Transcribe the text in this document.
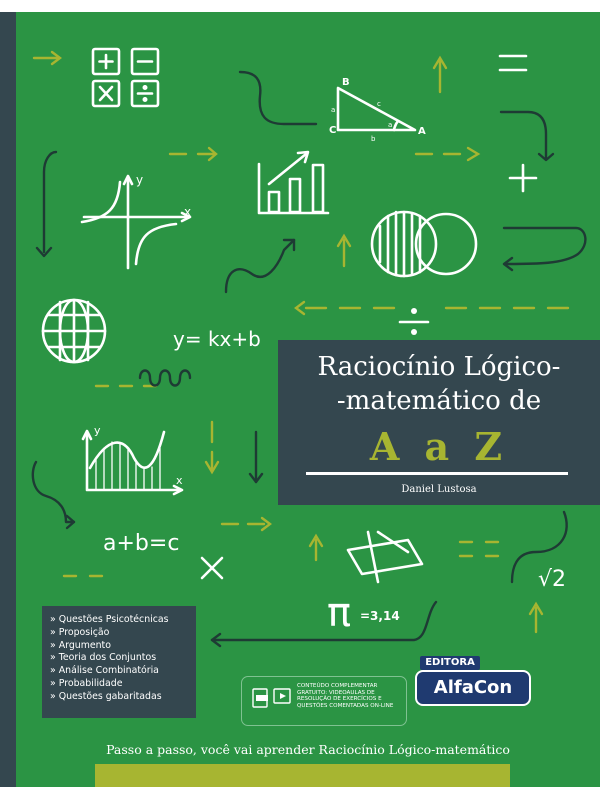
y= kx+b
a+b=c
π =3,14
√2
B
C	A
a
c
b
a
y
x
y
x
Raciocínio Lógico-
-matemático de
A a Z
Daniel Lustosa
» Questões Psicotécnicas
» Proposição
» Argumento
» Teoria dos Conjuntos
» Análise Combinatória
» Probabilidade
» Questões gabaritadas
CONTEÚDO COMPLEMENTAR GRATUITO: VIDEOAULAS DE RESOLUÇÃO DE EXERCÍCIOS E QUESTÕES COMENTADAS ON-LINE
EDITORA
AlfaCon
Passo a passo, você vai aprender Raciocínio Lógico-matemático
